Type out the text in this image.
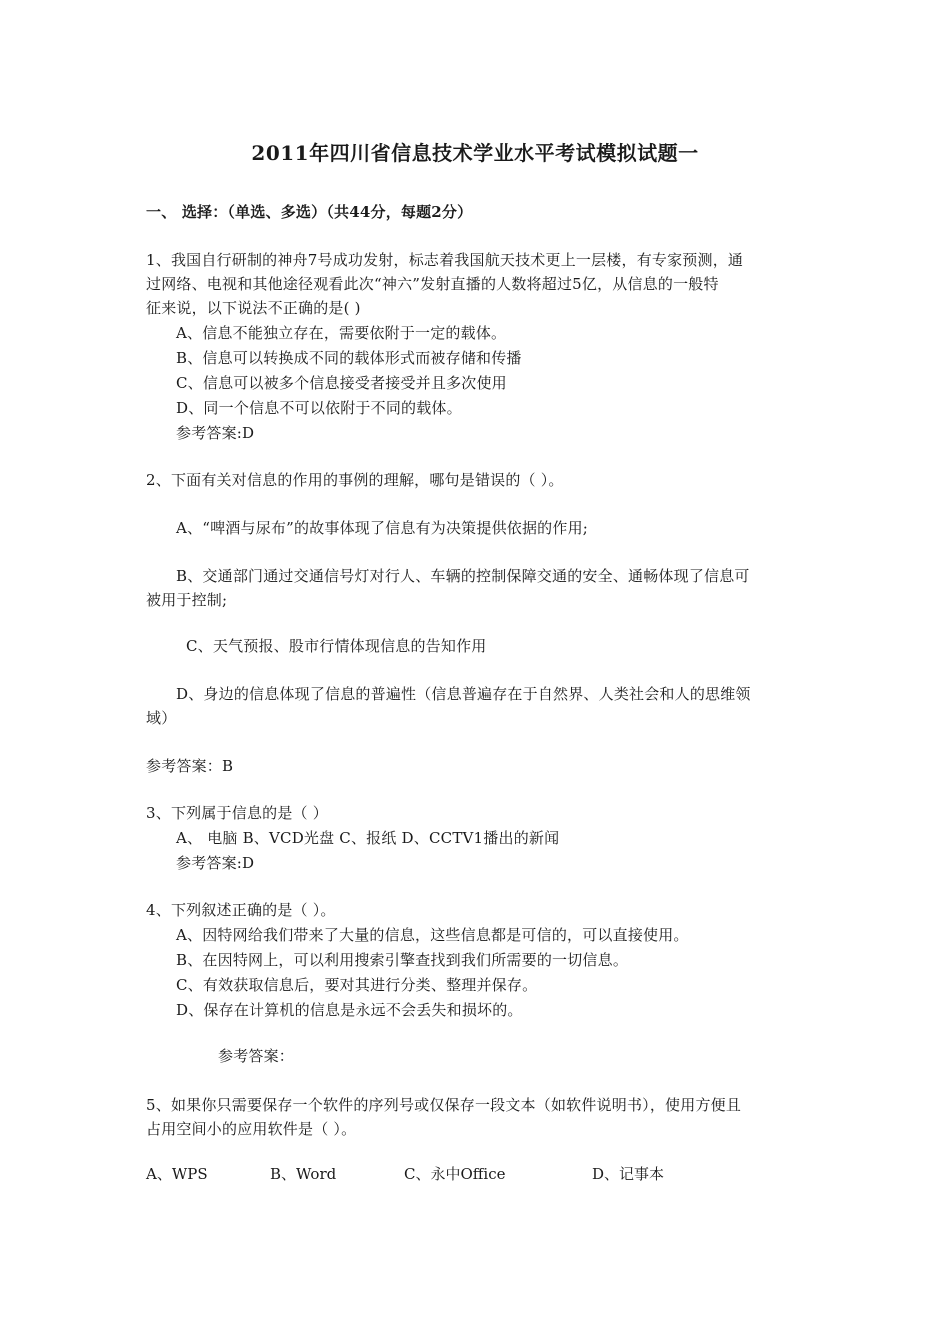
2011年四川省信息技术学业水平考试模拟试题一
一、 选择：（单选、多选）（共44分，每题2分）
1、我国自行研制的神舟7号成功发射，标志着我国航天技术更上一层楼，有专家预测，通
过网络、电视和其他途径观看此次“神六”发射直播的人数将超过5亿，从信息的一般特
征来说，以下说法不正确的是( )
A、信息不能独立存在，需要依附于一定的载体。
B、信息可以转换成不同的载体形式而被存储和传播
C、信息可以被多个信息接受者接受并且多次使用
D、同一个信息不可以依附于不同的载体。
参考答案:D
2、下面有关对信息的作用的事例的理解，哪句是错误的（ ）。
A、“啤酒与尿布”的故事体现了信息有为决策提供依据的作用;
B、交通部门通过交通信号灯对行人、车辆的控制保障交通的安全、通畅体现了信息可
被用于控制;
C、天气预报、股市行情体现信息的告知作用
D、身边的信息体现了信息的普遍性（信息普遍存在于自然界、人类社会和人的思维领
域）
参考答案：B
3、下列属于信息的是（ ）
A、 电脑 B、VCD光盘 C、报纸 D、CCTV1播出的新闻
参考答案:D
4、下列叙述正确的是（ ）。
A、因特网给我们带来了大量的信息，这些信息都是可信的，可以直接使用。
B、在因特网上，可以利用搜索引擎查找到我们所需要的一切信息。
C、有效获取信息后，要对其进行分类、整理并保存。
D、保存在计算机的信息是永远不会丢失和损坏的。
参考答案：
5、如果你只需要保存一个软件的序列号或仅保存一段文本（如软件说明书），使用方便且
占用空间小的应用软件是（ ）。
A、WPS	B、Word	C、永中Office	D、记事本
